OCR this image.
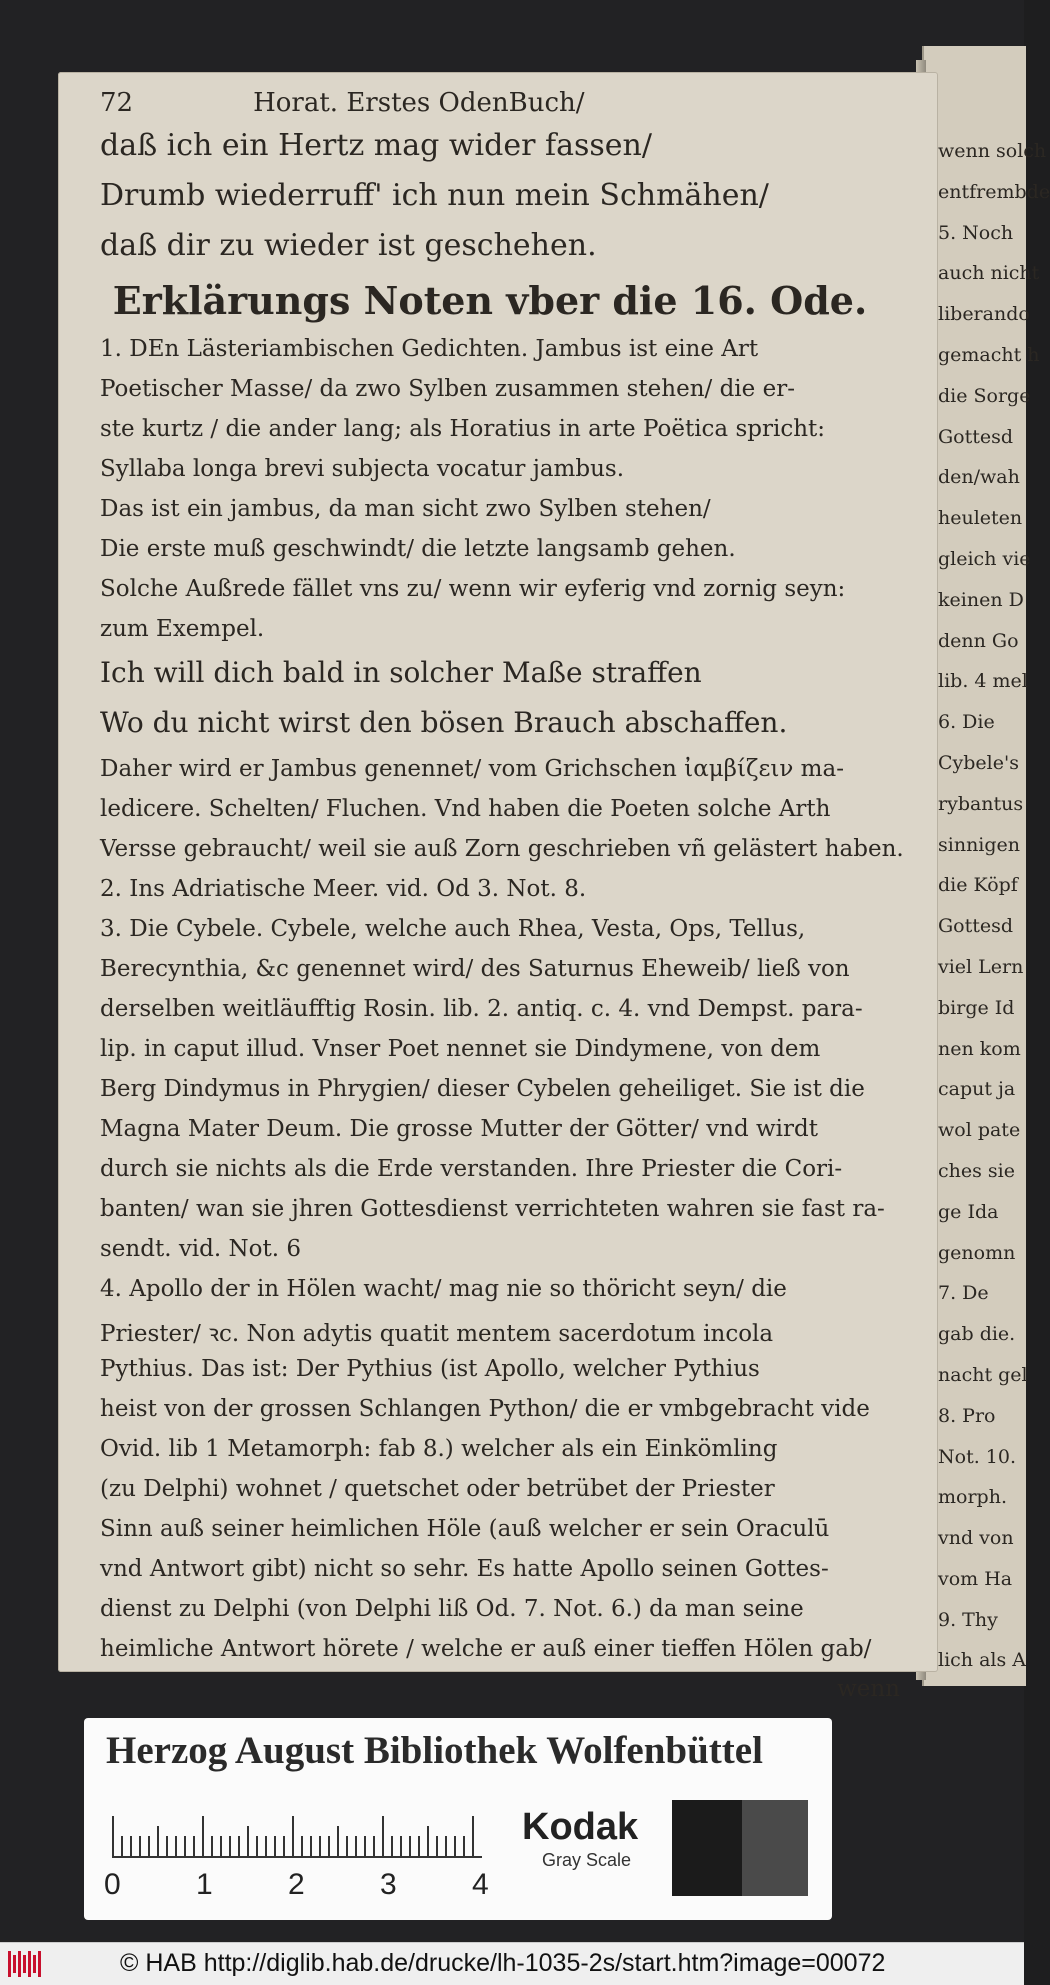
72	Horat. Erstes OdenBuch/
daß ich ein Hertz mag wider fassen/
Drumb wiederruff' ich nun mein Schmähen/
daß dir zu wieder ist geschehen.
Erklärungs Noten vber die 16. Ode.
1. DEn Lästeriambischen Gedichten. Jambus ist eine Art
Poetischer Masse/ da zwo Sylben zusammen stehen/ die er-
ste kurtz / die ander lang; als Horatius in arte Poëtica spricht:
Syllaba longa brevi subjecta vocatur jambus.
Das ist ein jambus, da man sicht zwo Sylben stehen/
Die erste muß geschwindt/ die letzte langsamb gehen.
Solche Außrede fället vns zu/ wenn wir eyferig vnd zornig seyn:
zum Exempel.
Ich will dich bald in solcher Maße straffen
Wo du nicht wirst den bösen Brauch abschaffen.
Daher wird er Jambus genennet/ vom Grichschen ἰαμβίζειν ma-
ledicere. Schelten/ Fluchen. Vnd haben die Poeten solche Arth
Versse gebraucht/ weil sie auß Zorn geschrieben vñ gelästert haben.
2. Ins Adriatische Meer. vid. Od 3. Not. 8.
3. Die Cybele. Cybele, welche auch Rhea, Vesta, Ops, Tellus,
Berecynthia, &c genennet wird/ des Saturnus Eheweib/ ließ von
derselben weitläufftig Rosin. lib. 2. antiq. c. 4. vnd Dempst. para-
lip. in caput illud. Vnser Poet nennet sie Dindymene, von dem
Berg Dindymus in Phrygien/ dieser Cybelen geheiliget. Sie ist die
Magna Mater Deum. Die grosse Mutter der Götter/ vnd wirdt
durch sie nichts als die Erde verstanden. Ihre Priester die Cori-
banten/ wan sie jhren Gottesdienst verrichteten wahren sie fast ra-
sendt. vid. Not. 6
4. Apollo der in Hölen wacht/ mag nie so thöricht seyn/ die
Priester/ ꝛc. Non adytis quatit mentem sacerdotum incola
Pythius. Das ist: Der Pythius (ist Apollo, welcher Pythius
heist von der grossen Schlangen Python/ die er vmbgebracht vide
Ovid. lib 1 Metamorph: fab 8.) welcher als ein Einkömling
(zu Delphi) wohnet / quetschet oder betrübet der Priester
Sinn auß seiner heimlichen Höle (auß welcher er sein Oraculū
vnd Antwort gibt) nicht so sehr. Es hatte Apollo seinen Gottes-
dienst zu Delphi (von Delphi liß Od. 7. Not. 6.) da man seine
heimliche Antwort hörete / welche er auß einer tieffen Hölen gab/
wenn
wenn solch
entfrembde
5. Noch
auch nicht
liberando
gemacht h
die Sorge
Gottesd
den/wah
heuleten
gleich vie
keinen D
denn Go
lib. 4 mel
6. Die
Cybele's
rybantus
sinnigen
die Köpf
Gottesd
viel Lern
birge Id
nen kom
caput ja
wol pate
ches sie
ge Ida
genomn
7. De
gab die.
nacht gel
8. Pro
Not. 10.
morph.
vnd von
vom Ha
9. Thy
lich als A
Herzog August Bibliothek Wolfenbüttel
Kodak
Gray Scale
0	1	2	3	4
© HAB http://diglib.hab.de/drucke/lh-1035-2s/start.htm?image=00072
